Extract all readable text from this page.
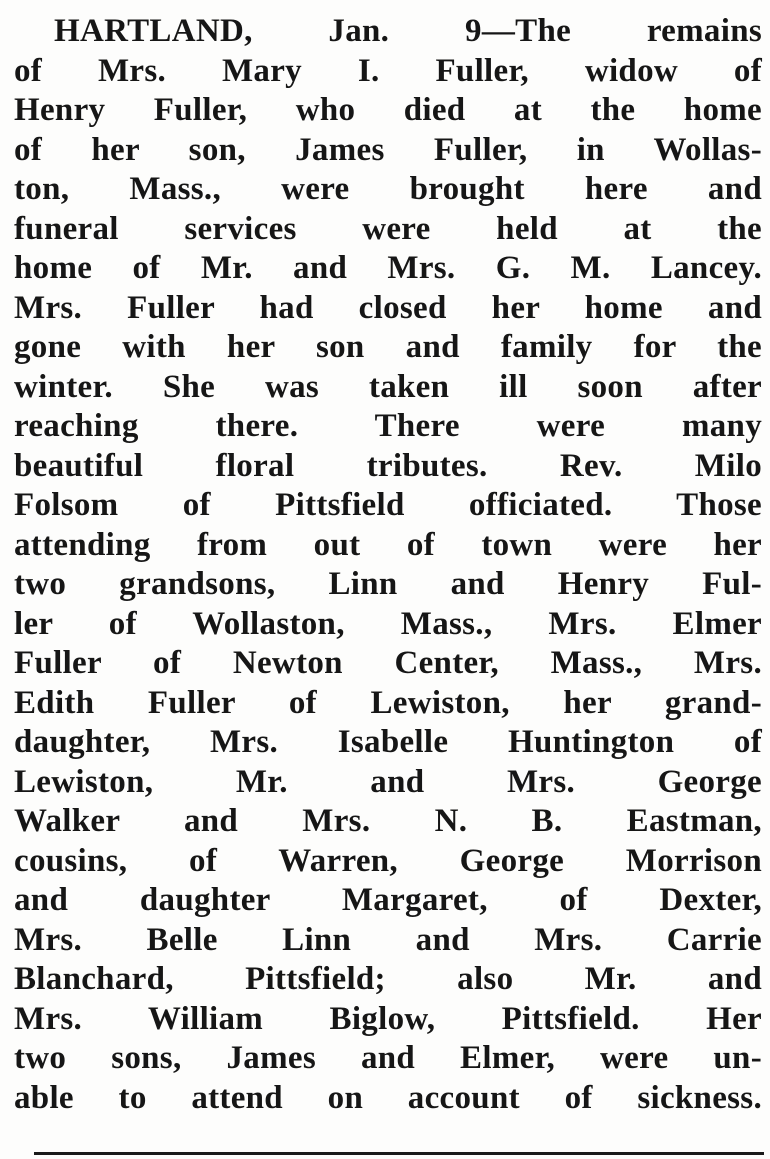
HARTLAND, Jan. 9—The remains
of Mrs. Mary I. Fuller, widow of
Henry Fuller, who died at the home
of her son, James Fuller, in Wollas-
ton, Mass., were brought here and
funeral services were held at the
home of Mr. and Mrs. G. M. Lancey.
Mrs. Fuller had closed her home and
gone with her son and family for the
winter. She was taken ill soon after
reaching there. There were many
beautiful floral tributes. Rev. Milo
Folsom of Pittsfield officiated. Those
attending from out of town were her
two grandsons, Linn and Henry Ful-
ler of Wollaston, Mass., Mrs. Elmer
Fuller of Newton Center, Mass., Mrs.
Edith Fuller of Lewiston, her grand-
daughter, Mrs. Isabelle Huntington of
Lewiston, Mr. and Mrs. George
Walker and Mrs. N. B. Eastman,
cousins, of Warren, George Morrison
and daughter Margaret, of Dexter,
Mrs. Belle Linn and Mrs. Carrie
Blanchard, Pittsfield; also Mr. and
Mrs. William Biglow, Pittsfield. Her
two sons, James and Elmer, were un-
able to attend on account of sickness.
